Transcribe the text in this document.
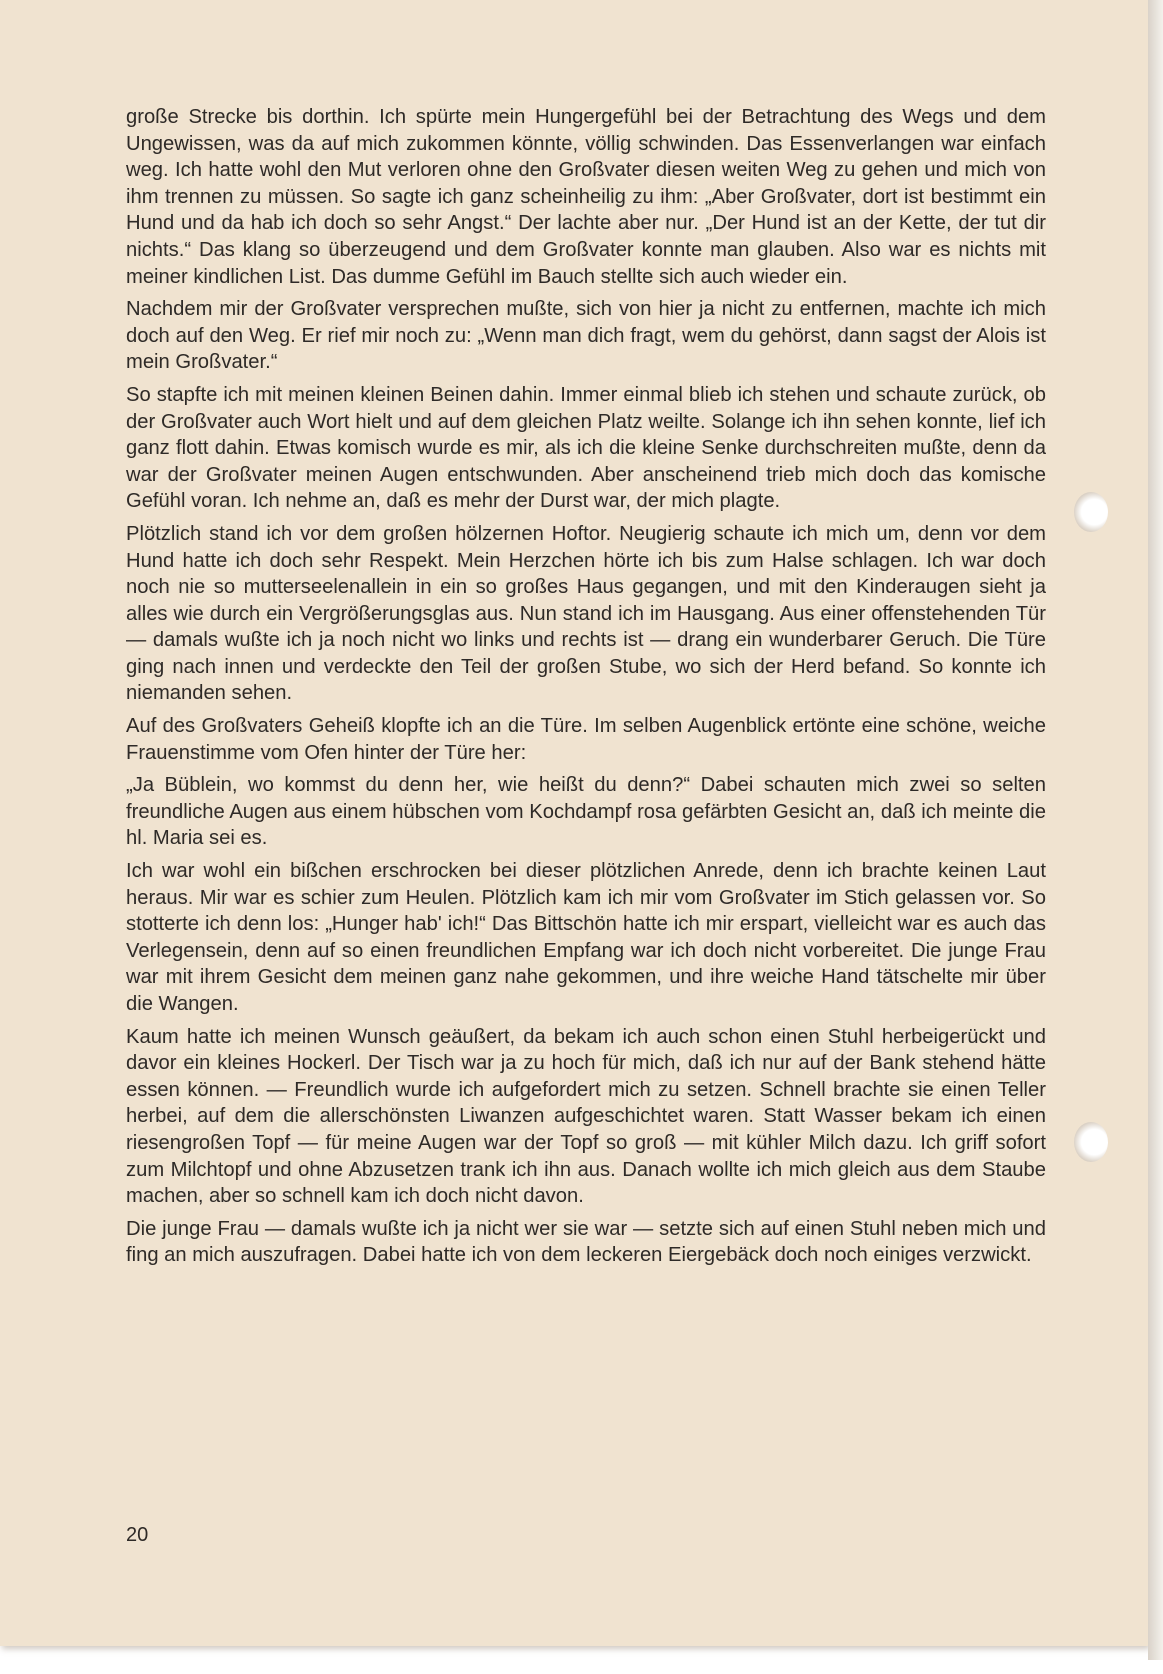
große Strecke bis dorthin. Ich spürte mein Hungergefühl bei der Betrachtung des Wegs und dem Ungewissen, was da auf mich zukommen könnte, völlig schwinden. Das Essenverlangen war einfach weg. Ich hatte wohl den Mut verloren ohne den Großvater diesen weiten Weg zu gehen und mich von ihm trennen zu müssen. So sagte ich ganz scheinheilig zu ihm: „Aber Großvater, dort ist bestimmt ein Hund und da hab ich doch so sehr Angst.“ Der lachte aber nur. „Der Hund ist an der Kette, der tut dir nichts.“ Das klang so überzeugend und dem Großvater konnte man glauben. Also war es nichts mit meiner kindlichen List. Das dumme Gefühl im Bauch stellte sich auch wieder ein.

Nachdem mir der Großvater versprechen mußte, sich von hier ja nicht zu entfernen, machte ich mich doch auf den Weg. Er rief mir noch zu: „Wenn man dich fragt, wem du gehörst, dann sagst der Alois ist mein Großvater.“

So stapfte ich mit meinen kleinen Beinen dahin. Immer einmal blieb ich stehen und schaute zurück, ob der Großvater auch Wort hielt und auf dem gleichen Platz weilte. Solange ich ihn sehen konnte, lief ich ganz flott dahin. Etwas komisch wurde es mir, als ich die kleine Senke durchschreiten mußte, denn da war der Großvater meinen Augen entschwunden. Aber anscheinend trieb mich doch das komische Gefühl voran. Ich nehme an, daß es mehr der Durst war, der mich plagte.

Plötzlich stand ich vor dem großen hölzernen Hoftor. Neugierig schaute ich mich um, denn vor dem Hund hatte ich doch sehr Respekt. Mein Herzchen hörte ich bis zum Halse schlagen. Ich war doch noch nie so mutterseelenallein in ein so großes Haus gegangen, und mit den Kinderaugen sieht ja alles wie durch ein Vergrößerungsglas aus. Nun stand ich im Hausgang. Aus einer offenstehenden Tür — damals wußte ich ja noch nicht wo links und rechts ist — drang ein wunderbarer Geruch. Die Türe ging nach innen und verdeckte den Teil der großen Stube, wo sich der Herd befand. So konnte ich niemanden sehen.

Auf des Großvaters Geheiß klopfte ich an die Türe. Im selben Augenblick ertönte eine schöne, weiche Frauenstimme vom Ofen hinter der Türe her:

„Ja Büblein, wo kommst du denn her, wie heißt du denn?“ Dabei schauten mich zwei so selten freundliche Augen aus einem hübschen vom Kochdampf rosa gefärbten Gesicht an, daß ich meinte die hl. Maria sei es.

Ich war wohl ein bißchen erschrocken bei dieser plötzlichen Anrede, denn ich brachte keinen Laut heraus. Mir war es schier zum Heulen. Plötzlich kam ich mir vom Großvater im Stich gelassen vor. So stotterte ich denn los: „Hunger hab' ich!“ Das Bittschön hatte ich mir erspart, vielleicht war es auch das Verlegensein, denn auf so einen freundlichen Empfang war ich doch nicht vorbereitet. Die junge Frau war mit ihrem Gesicht dem meinen ganz nahe gekommen, und ihre weiche Hand tätschelte mir über die Wangen.

Kaum hatte ich meinen Wunsch geäußert, da bekam ich auch schon einen Stuhl herbeigerückt und davor ein kleines Hockerl. Der Tisch war ja zu hoch für mich, daß ich nur auf der Bank stehend hätte essen können. — Freundlich wurde ich aufgefordert mich zu setzen. Schnell brachte sie einen Teller herbei, auf dem die allerschönsten Liwanzen aufgeschichtet waren. Statt Wasser bekam ich einen riesengroßen Topf — für meine Augen war der Topf so groß — mit kühler Milch dazu. Ich griff sofort zum Milchtopf und ohne Abzusetzen trank ich ihn aus. Danach wollte ich mich gleich aus dem Staube machen, aber so schnell kam ich doch nicht davon.

Die junge Frau — damals wußte ich ja nicht wer sie war — setzte sich auf einen Stuhl neben mich und fing an mich auszufragen. Dabei hatte ich von dem leckeren Eiergebäck doch noch einiges verzwickt.

20
